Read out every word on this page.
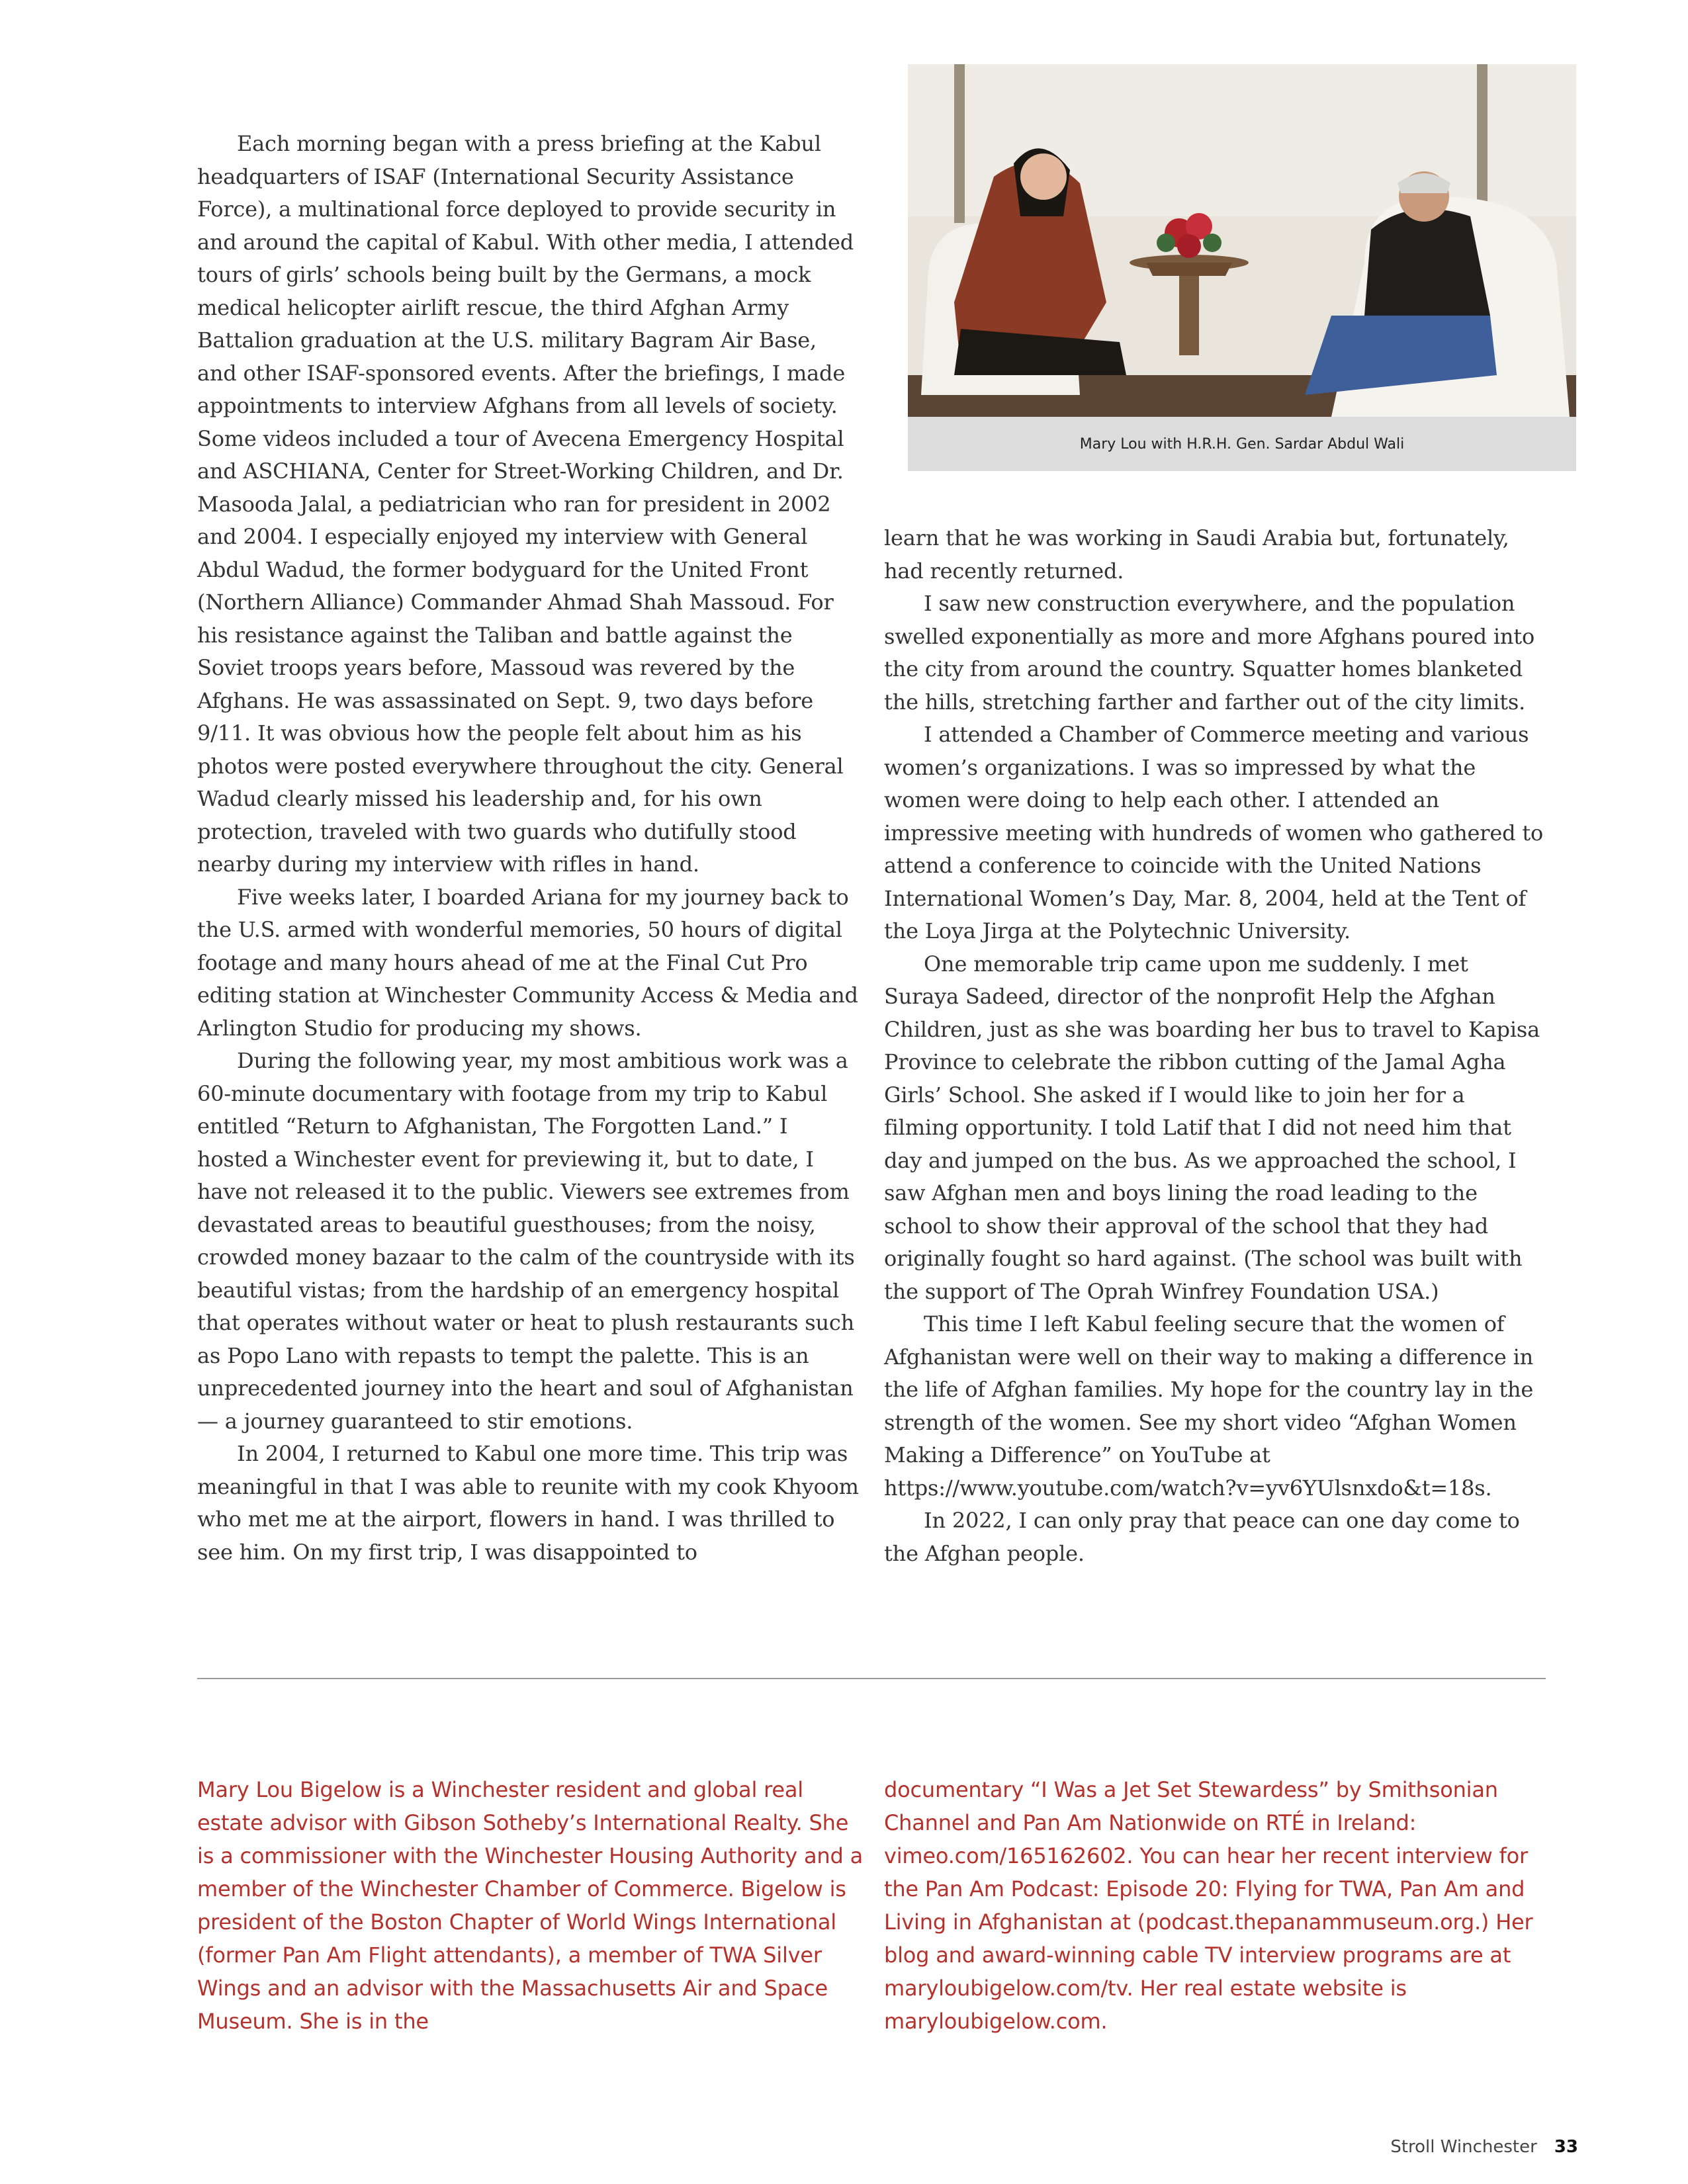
Each morning began with a press briefing at the Kabul headquarters of ISAF (International Security Assistance Force), a multinational force deployed to provide security in and around the capital of Kabul. With other media, I attended tours of girls’ schools being built by the Germans, a mock medical helicopter airlift rescue, the third Afghan Army Battalion graduation at the U.S. military Bagram Air Base, and other ISAF-sponsored events. After the briefings, I made appointments to interview Afghans from all levels of society. Some videos included a tour of Avecena Emergency Hospital and ASCHIANA, Center for Street-Working Children, and Dr. Masooda Jalal, a pediatrician who ran for president in 2002 and 2004. I especially enjoyed my interview with General Abdul Wadud, the former bodyguard for the United Front (Northern Alliance) Commander Ahmad Shah Massoud. For his resistance against the Taliban and battle against the Soviet troops years before, Massoud was revered by the Afghans. He was assassinated on Sept. 9, two days before 9/11. It was obvious how the people felt about him as his photos were posted everywhere throughout the city. General Wadud clearly missed his leadership and, for his own protection, traveled with two guards who dutifully stood nearby during my interview with rifles in hand.

Five weeks later, I boarded Ariana for my journey back to the U.S. armed with wonderful memories, 50 hours of digital footage and many hours ahead of me at the Final Cut Pro editing station at Winchester Community Access & Media and Arlington Studio for producing my shows.

During the following year, my most ambitious work was a 60-minute documentary with footage from my trip to Kabul entitled “Return to Afghanistan, The Forgotten Land.” I hosted a Winchester event for previewing it, but to date, I have not released it to the public. Viewers see extremes from devastated areas to beautiful guesthouses; from the noisy, crowded money bazaar to the calm of the countryside with its beautiful vistas; from the hardship of an emergency hospital that operates without water or heat to plush restaurants such as Popo Lano with repasts to tempt the palette. This is an unprecedented journey into the heart and soul of Afghanistan — a journey guaranteed to stir emotions.

In 2004, I returned to Kabul one more time. This trip was meaningful in that I was able to reunite with my cook Khyoom who met me at the airport, flowers in hand. I was thrilled to see him. On my first trip, I was disappointed to

Mary Lou with H.R.H. Gen. Sardar Abdul Wali

learn that he was working in Saudi Arabia but, fortunately, had recently returned.

I saw new construction everywhere, and the population swelled exponentially as more and more Afghans poured into the city from around the country. Squatter homes blanketed the hills, stretching farther and farther out of the city limits.

I attended a Chamber of Commerce meeting and various women’s organizations. I was so impressed by what the women were doing to help each other. I attended an impressive meeting with hundreds of women who gathered to attend a conference to coincide with the United Nations International Women’s Day, Mar. 8, 2004, held at the Tent of the Loya Jirga at the Polytechnic University.

One memorable trip came upon me suddenly. I met Suraya Sadeed, director of the nonprofit Help the Afghan Children, just as she was boarding her bus to travel to Kapisa Province to celebrate the ribbon cutting of the Jamal Agha Girls’ School. She asked if I would like to join her for a filming opportunity. I told Latif that I did not need him that day and jumped on the bus. As we approached the school, I saw Afghan men and boys lining the road leading to the school to show their approval of the school that they had originally fought so hard against. (The school was built with the support of The Oprah Winfrey Foundation USA.)

This time I left Kabul feeling secure that the women of Afghanistan were well on their way to making a difference in the life of Afghan families. My hope for the country lay in the strength of the women. See my short video “Afghan Women Making a Difference” on YouTube at https://www.youtube.com/watch?v=yv6YUlsnxdo&t=18s.

In 2022, I can only pray that peace can one day come to the Afghan people.

Mary Lou Bigelow is a Winchester resident and global real estate advisor with Gibson Sotheby’s International Realty. She is a commissioner with the Winchester Housing Authority and a member of the Winchester Chamber of Commerce. Bigelow is president of the Boston Chapter of World Wings International (former Pan Am Flight attendants), a member of TWA Silver Wings and an advisor with the Massachusetts Air and Space Museum. She is in the
documentary “I Was a Jet Set Stewardess” by Smithsonian Channel and Pan Am Nationwide on RTÉ in Ireland: vimeo.com/165162602. You can hear her recent interview for the Pan Am Podcast: Episode 20: Flying for TWA, Pan Am and Living in Afghanistan at (podcast.thepanammuseum.org.) Her blog and award-winning cable TV interview programs are at maryloubigelow.com/tv. Her real estate website is maryloubigelow.com.
Stroll Winchester 33
